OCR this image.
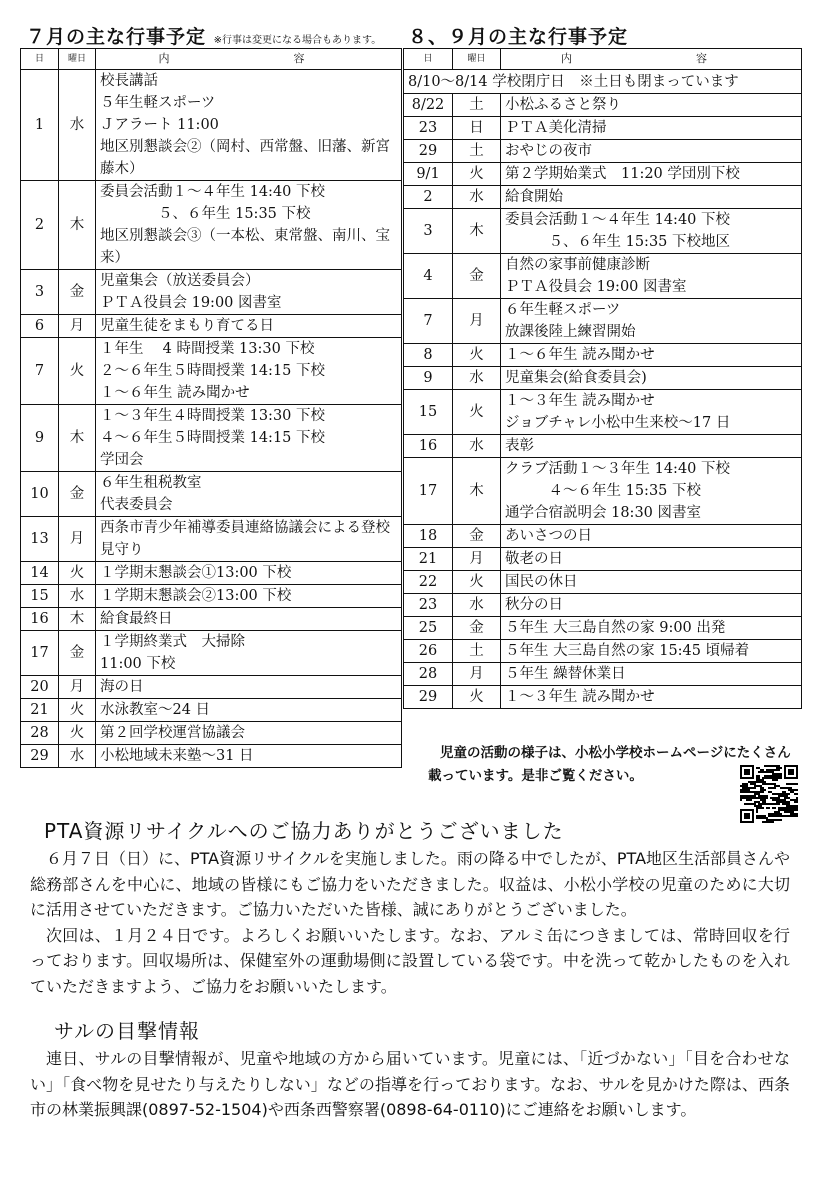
７月の主な行事予定 ※行事は変更になる場合もあります。 ８、９月の主な行事予定
日	曜日	内　　容
1	水	校長講話
５年生軽スポーツ
Ｊアラート 11:00
地区別懇談会②（岡村、西常盤、旧藩、新宮藤木）

2	木	委員会活動１～４年生 14:40 下校
　　　　５、６年生 15:35 下校
地区別懇談会③（一本松、東常盤、南川、宝来）

3	金	児童集会（放送委員会）
ＰＴＡ役員会 19:00 図書室

6	月	児童生徒をまもり育てる日

7	火	１年生　 4 時間授業 13:30 下校
２～６年生５時間授業 14:15 下校
１～６年生 読み聞かせ

9	木	１～３年生４時間授業 13:30 下校
４～６年生５時間授業 14:15 下校
学団会

10	金	６年生租税教室
代表委員会

13	月	西条市青少年補導委員連絡協議会による登校見守り

14	火	１学期末懇談会①13:00 下校

15	水	１学期末懇談会②13:00 下校

16	木	給食最終日

17	金	１学期終業式　大掃除
11:00 下校

20	月	海の日

21	火	水泳教室～24 日

28	火	第２回学校運営協議会

29	水	小松地域未来塾～31 日
日	曜日	内　　容
8/10～8/14 学校閉庁日　※土日も閉まっています		
8/22	土	小松ふるさと祭り

23	日	ＰＴＡ美化清掃

29	土	おやじの夜市

9/1	火	第２学期始業式　11:20 学団別下校

2	水	給食開始

3	木	委員会活動１～４年生 14:40 下校
　　　５、６年生 15:35 下校地区

4	金	自然の家事前健康診断
ＰＴＡ役員会 19:00 図書室

7	月	６年生軽スポーツ
放課後陸上練習開始

8	火	１～６年生 読み聞かせ

9	水	児童集会(給食委員会)

15	火	１～３年生 読み聞かせ
ジョブチャレ小松中生来校～17 日

16	水	表彰

17	木	クラブ活動１～３年生 14:40 下校
　　　４～６年生 15:35 下校
通学合宿説明会 18:30 図書室

18	金	あいさつの日

21	月	敬老の日

22	火	国民の休日

23	水	秋分の日

25	金	５年生 大三島自然の家 9:00 出発

26	土	５年生 大三島自然の家 15:45 頃帰着

28	月	５年生 繰替休業日

29	火	１～３年生 読み聞かせ
児童の活動の様子は、小松小学校ホームページにたくさん載っています。是非ご覧ください。
PTA資源リサイクルへのご協力ありがとうございました

６月７日（日）に、PTA資源リサイクルを実施しました。雨の降る中でしたが、PTA地区生活部員さんや総務部さんを中心に、地域の皆様にもご協力をいただきました。収益は、小松小学校の児童のために大切に活用させていただきます。ご協力いただいた皆様、誠にありがとうございました。

次回は、１月２４日です。よろしくお願いいたします。なお、アルミ缶につきましては、常時回収を行っております。回収場所は、保健室外の運動場側に設置している袋です。中を洗って乾かしたものを入れていただきますよう、ご協力をお願いいたします。

サルの目撃情報

連日、サルの目撃情報が、児童や地域の方から届いています。児童には、「近づかない」「目を合わせない」「食べ物を見せたり与えたりしない」などの指導を行っております。なお、サルを見かけた際は、西条市の林業振興課(0897-52-1504)や西条西警察署(0898-64-0110)にご連絡をお願いします。
